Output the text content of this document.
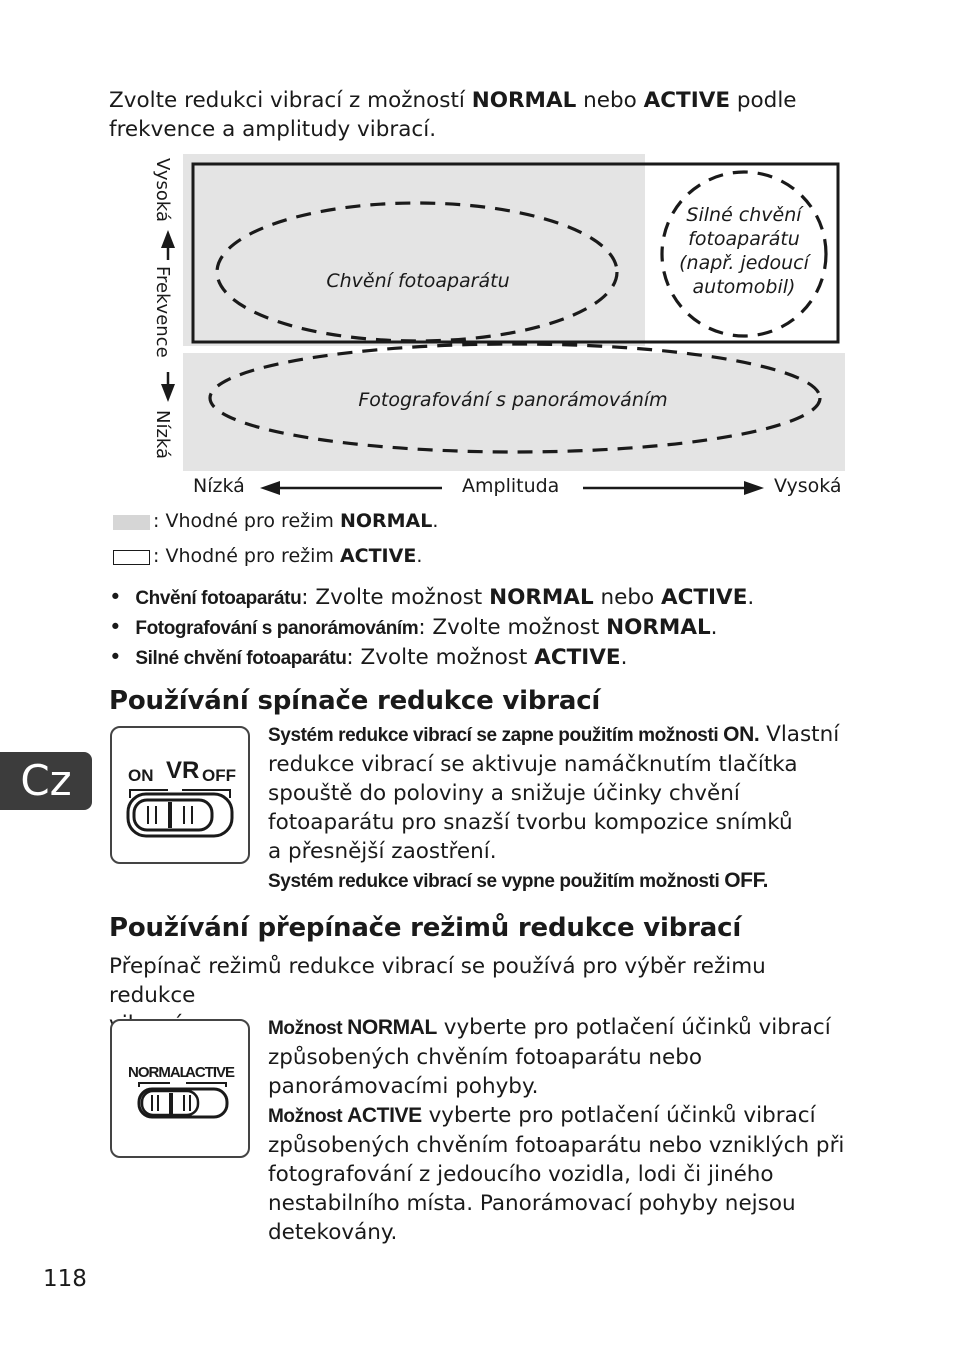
Zvolte redukci vibrací z možností NORMAL nebo ACTIVE podle
frekvence a amplitudy vibrací.
Chvění fotoaparátu
Silné chvění
fotoaparátu
(např. jedoucí
automobil)
Fotografování s panorámováním
Vysoká
Frekvence
Nízká
Nízká	Amplituda	Vysoká
: Vhodné pro režim NORMAL.
: Vhodné pro režim ACTIVE.
•  Chvění fotoaparátu: Zvolte možnost NORMAL nebo ACTIVE.
•  Fotografování s panorámováním: Zvolte možnost NORMAL.
•  Silné chvění fotoaparátu: Zvolte možnost ACTIVE.
Používání spínače redukce vibrací
ON VR OFF
Systém redukce vibrací se zapne použitím možnosti ON. Vlastní
redukce vibrací se aktivuje namáčknutím tlačítka
spouště do poloviny a snižuje účinky chvění
fotoaparátu pro snazší tvorbu kompozice snímků
a přesnější zaostření.
Systém redukce vibrací se vypne použitím možnosti OFF.
Cz
Používání přepínače režimů redukce vibrací
Přepínač režimů redukce vibrací se používá pro výběr režimu redukce
NORMAL
ACTIVE
Možnost NORMAL vyberte pro potlačení účinků vibrací
způsobených chvěním fotoaparátu nebo
panorámovacími pohyby.
Možnost ACTIVE vyberte pro potlačení účinků vibrací
způsobených chvěním fotoaparátu nebo vzniklých při
fotografování z jedoucího vozidla, lodi či jiného
nestabilního místa. Panorámovací pohyby nejsou
detekovány.
118
